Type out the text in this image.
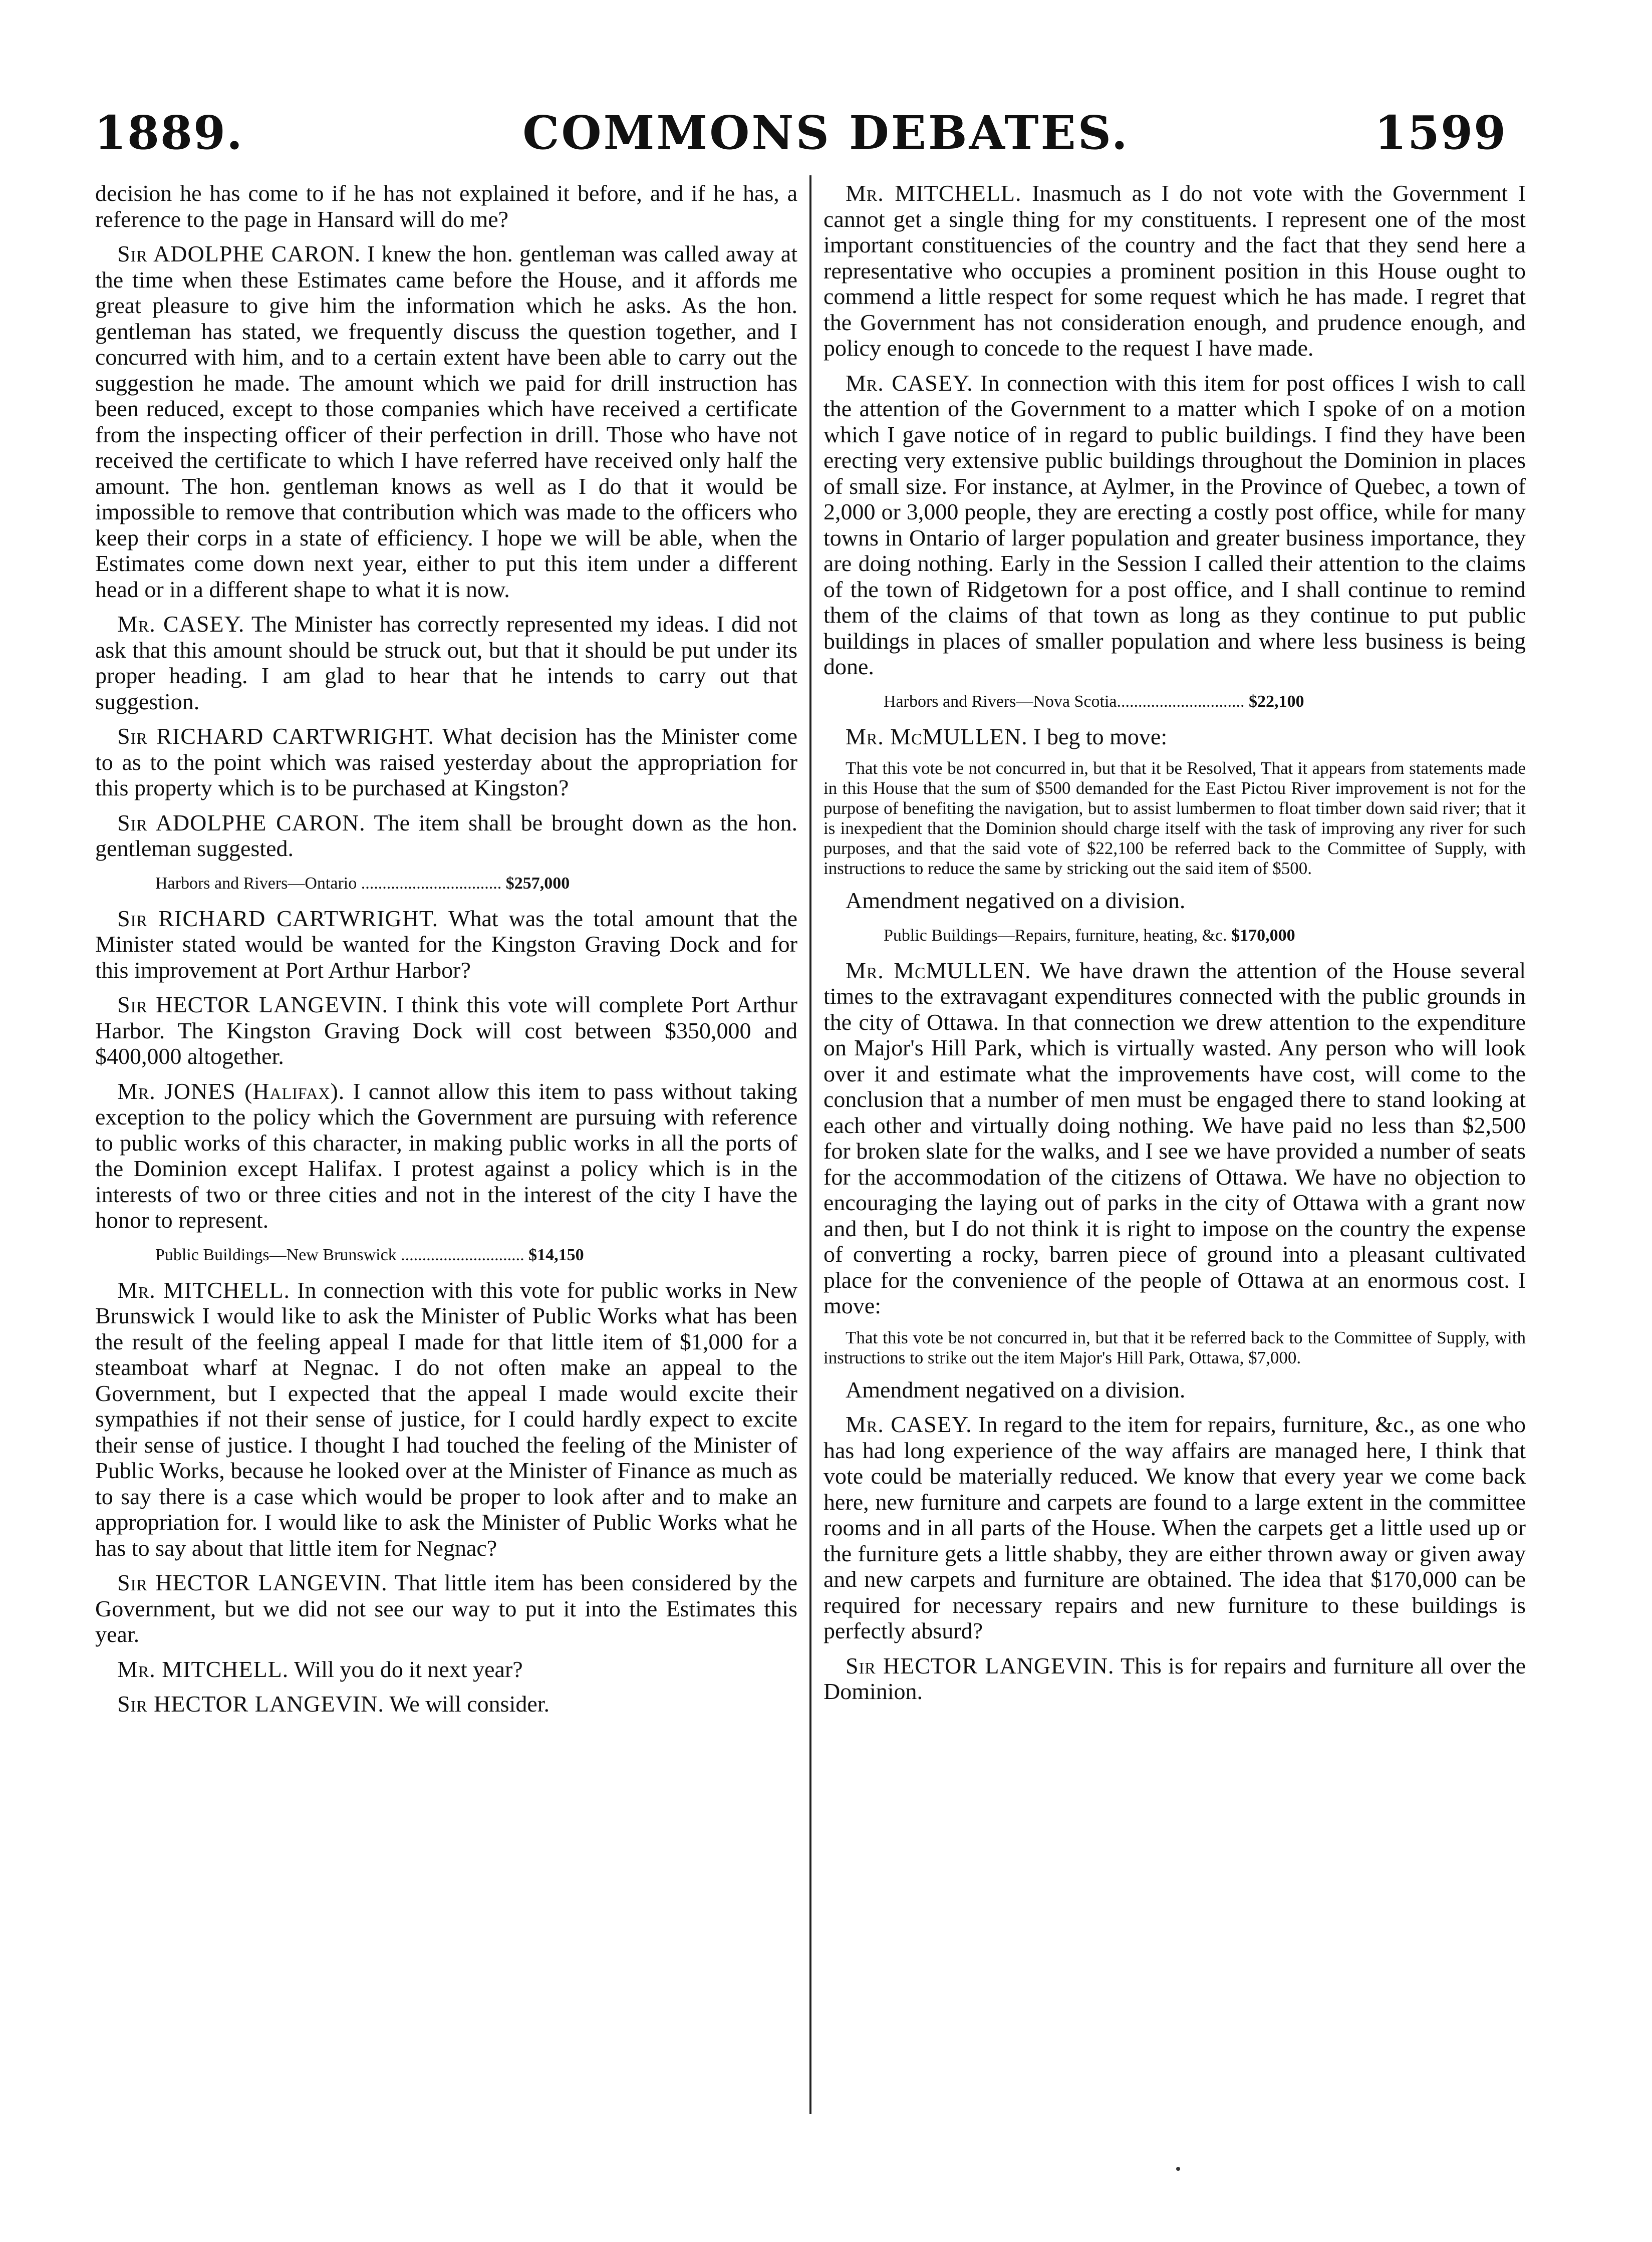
1889.	COMMONS DEBATES.	1599
decision he has come to if he has not explained it before, and if he has, a reference to the page in Hansard will do me?
Sir ADOLPHE CARON. I knew the hon. gentleman was called away at the time when these Estimates came before the House, and it affords me great pleasure to give him the information which he asks. As the hon. gentleman has stated, we frequently discuss the question together, and I concurred with him, and to a certain extent have been able to carry out the suggestion he made. The amount which we paid for drill instruction has been reduced, except to those companies which have received a certificate from the inspecting officer of their perfection in drill. Those who have not received the certificate to which I have referred have received only half the amount. The hon. gentleman knows as well as I do that it would be impossible to remove that contribution which was made to the officers who keep their corps in a state of efficiency. I hope we will be able, when the Estimates come down next year, either to put this item under a different head or in a different shape to what it is now.
Mr. CASEY. The Minister has correctly represented my ideas. I did not ask that this amount should be struck out, but that it should be put under its proper heading. I am glad to hear that he intends to carry out that suggestion.
Sir RICHARD CARTWRIGHT. What decision has the Minister come to as to the point which was raised yesterday about the appropriation for this property which is to be purchased at Kingston?
Sir ADOLPHE CARON. The item shall be brought down as the hon. gentleman suggested.
Harbors and Rivers—Ontario ................................. $257,000
Sir RICHARD CARTWRIGHT. What was the total amount that the Minister stated would be wanted for the Kingston Graving Dock and for this improvement at Port Arthur Harbor?
Sir HECTOR LANGEVIN. I think this vote will complete Port Arthur Harbor. The Kingston Graving Dock will cost between $350,000 and $400,000 altogether.
Mr. JONES (Halifax). I cannot allow this item to pass without taking exception to the policy which the Government are pursuing with reference to public works of this character, in making public works in all the ports of the Dominion except Halifax. I protest against a policy which is in the interests of two or three cities and not in the interest of the city I have the honor to represent.
Public Buildings—New Brunswick ............................. $14,150
Mr. MITCHELL. In connection with this vote for public works in New Brunswick I would like to ask the Minister of Public Works what has been the result of the feeling appeal I made for that little item of $1,000 for a steamboat wharf at Negnac. I do not often make an appeal to the Government, but I expected that the appeal I made would excite their sympathies if not their sense of justice, for I could hardly expect to excite their sense of justice. I thought I had touched the feeling of the Minister of Public Works, because he looked over at the Minister of Finance as much as to say there is a case which would be proper to look after and to make an appropriation for. I would like to ask the Minister of Public Works what he has to say about that little item for Negnac?
Sir HECTOR LANGEVIN. That little item has been considered by the Government, but we did not see our way to put it into the Estimates this year.
Mr. MITCHELL. Will you do it next year?
Sir HECTOR LANGEVIN. We will consider.
Mr. MITCHELL. Inasmuch as I do not vote with the Government I cannot get a single thing for my constituents. I represent one of the most important constituencies of the country and the fact that they send here a representative who occupies a prominent position in this House ought to commend a little respect for some request which he has made. I regret that the Government has not consideration enough, and prudence enough, and policy enough to concede to the request I have made.
Mr. CASEY. In connection with this item for post offices I wish to call the attention of the Government to a matter which I spoke of on a motion which I gave notice of in regard to public buildings. I find they have been erecting very extensive public buildings throughout the Dominion in places of small size. For instance, at Aylmer, in the Province of Quebec, a town of 2,000 or 3,000 people, they are erecting a costly post office, while for many towns in Ontario of larger population and greater business importance, they are doing nothing. Early in the Session I called their attention to the claims of the town of Ridgetown for a post office, and I shall continue to remind them of the claims of that town as long as they continue to put public buildings in places of smaller population and where less business is being done.
Harbors and Rivers—Nova Scotia.............................. $22,100
Mr. McMULLEN. I beg to move:
That this vote be not concurred in, but that it be Resolved, That it appears from statements made in this House that the sum of $500 demanded for the East Pictou River improvement is not for the purpose of benefiting the navigation, but to assist lumbermen to float timber down said river; that it is inexpedient that the Dominion should charge itself with the task of improving any river for such purposes, and that the said vote of $22,100 be referred back to the Committee of Supply, with instructions to reduce the same by stricking out the said item of $500.
Amendment negatived on a division.
Public Buildings—Repairs, furniture, heating, &c. $170,000
Mr. McMULLEN. We have drawn the attention of the House several times to the extravagant expenditures connected with the public grounds in the city of Ottawa. In that connection we drew attention to the expenditure on Major's Hill Park, which is virtually wasted. Any person who will look over it and estimate what the improvements have cost, will come to the conclusion that a number of men must be engaged there to stand looking at each other and virtually doing nothing. We have paid no less than $2,500 for broken slate for the walks, and I see we have provided a number of seats for the accommodation of the citizens of Ottawa. We have no objection to encouraging the laying out of parks in the city of Ottawa with a grant now and then, but I do not think it is right to impose on the country the expense of converting a rocky, barren piece of ground into a pleasant cultivated place for the convenience of the people of Ottawa at an enormous cost. I move:
That this vote be not concurred in, but that it be referred back to the Committee of Supply, with instructions to strike out the item Major's Hill Park, Ottawa, $7,000.
Amendment negatived on a division.
Mr. CASEY. In regard to the item for repairs, furniture, &c., as one who has had long experience of the way affairs are managed here, I think that vote could be materially reduced. We know that every year we come back here, new furniture and carpets are found to a large extent in the committee rooms and in all parts of the House. When the carpets get a little used up or the furniture gets a little shabby, they are either thrown away or given away and new carpets and furniture are obtained. The idea that $170,000 can be required for necessary repairs and new furniture to these buildings is perfectly absurd?
Sir HECTOR LANGEVIN. This is for repairs and furniture all over the Dominion.
